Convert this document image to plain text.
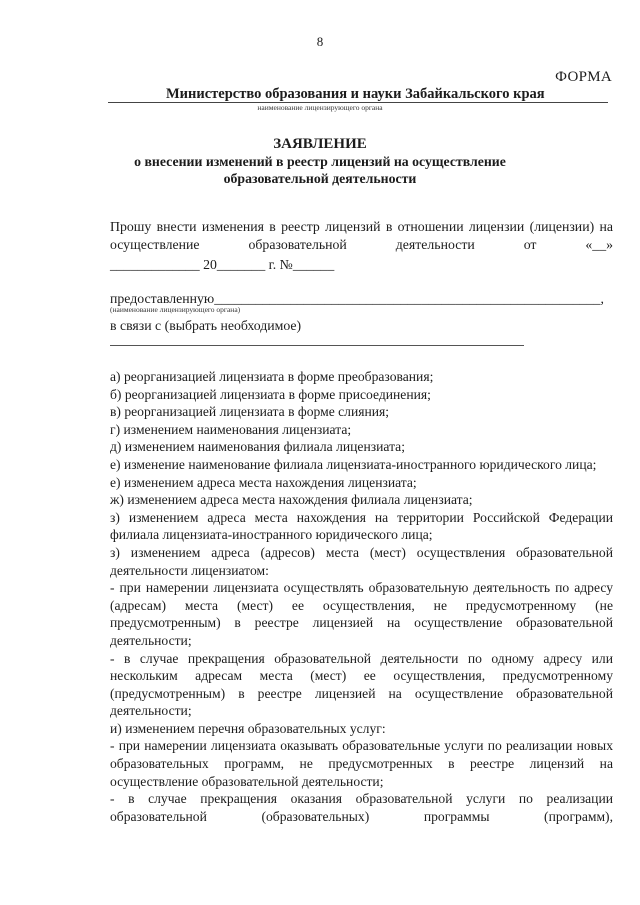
8
ФОРМА
Министерство образования и науки Забайкальского края
наименование лицензирующего органа
ЗАЯВЛЕНИЕ
о внесении изменений в реестр лицензий на осуществление образовательной деятельности
Прошу внести изменения в реестр лицензий в отношении лицензии (лицензии) на осуществление образовательной деятельности от «__»
_____________ 20_______ г. №______
предоставленную________________________________________________________,
(наименование лицензирующего органа)
в связи с (выбрать необходимое)
а) реорганизацией лицензиата в форме преобразования;
б) реорганизацией лицензиата в форме присоединения;
в) реорганизацией лицензиата в форме слияния;
г) изменением наименования лицензиата;
д) изменением наименования филиала лицензиата;
е) изменение наименование филиала лицензиата-иностранного юридического лица;
е) изменением адреса места нахождения лицензиата;
ж) изменением адреса места нахождения филиала лицензиата;
з) изменением адреса места нахождения на территории Российской Федерации филиала лицензиата-иностранного юридического лица;
з) изменением адреса (адресов) места (мест) осуществления образовательной деятельности лицензиатом:
- при намерении лицензиата осуществлять образовательную деятельность по адресу (адресам) места (мест) ее осуществления, не предусмотренному (не предусмотренным) в реестре лицензией на осуществление образовательной деятельности;
- в случае прекращения образовательной деятельности по одному адресу или нескольким адресам места (мест) ее осуществления, предусмотренному (предусмотренным) в реестре лицензией на осуществление образовательной деятельности;
и) изменением перечня образовательных услуг:
- при намерении лицензиата оказывать образовательные услуги по реализации новых образовательных программ, не предусмотренных в реестре лицензий на осуществление образовательной деятельности;
- в случае прекращения оказания образовательной услуги по реализации образовательной (образовательных) программы (программ),
